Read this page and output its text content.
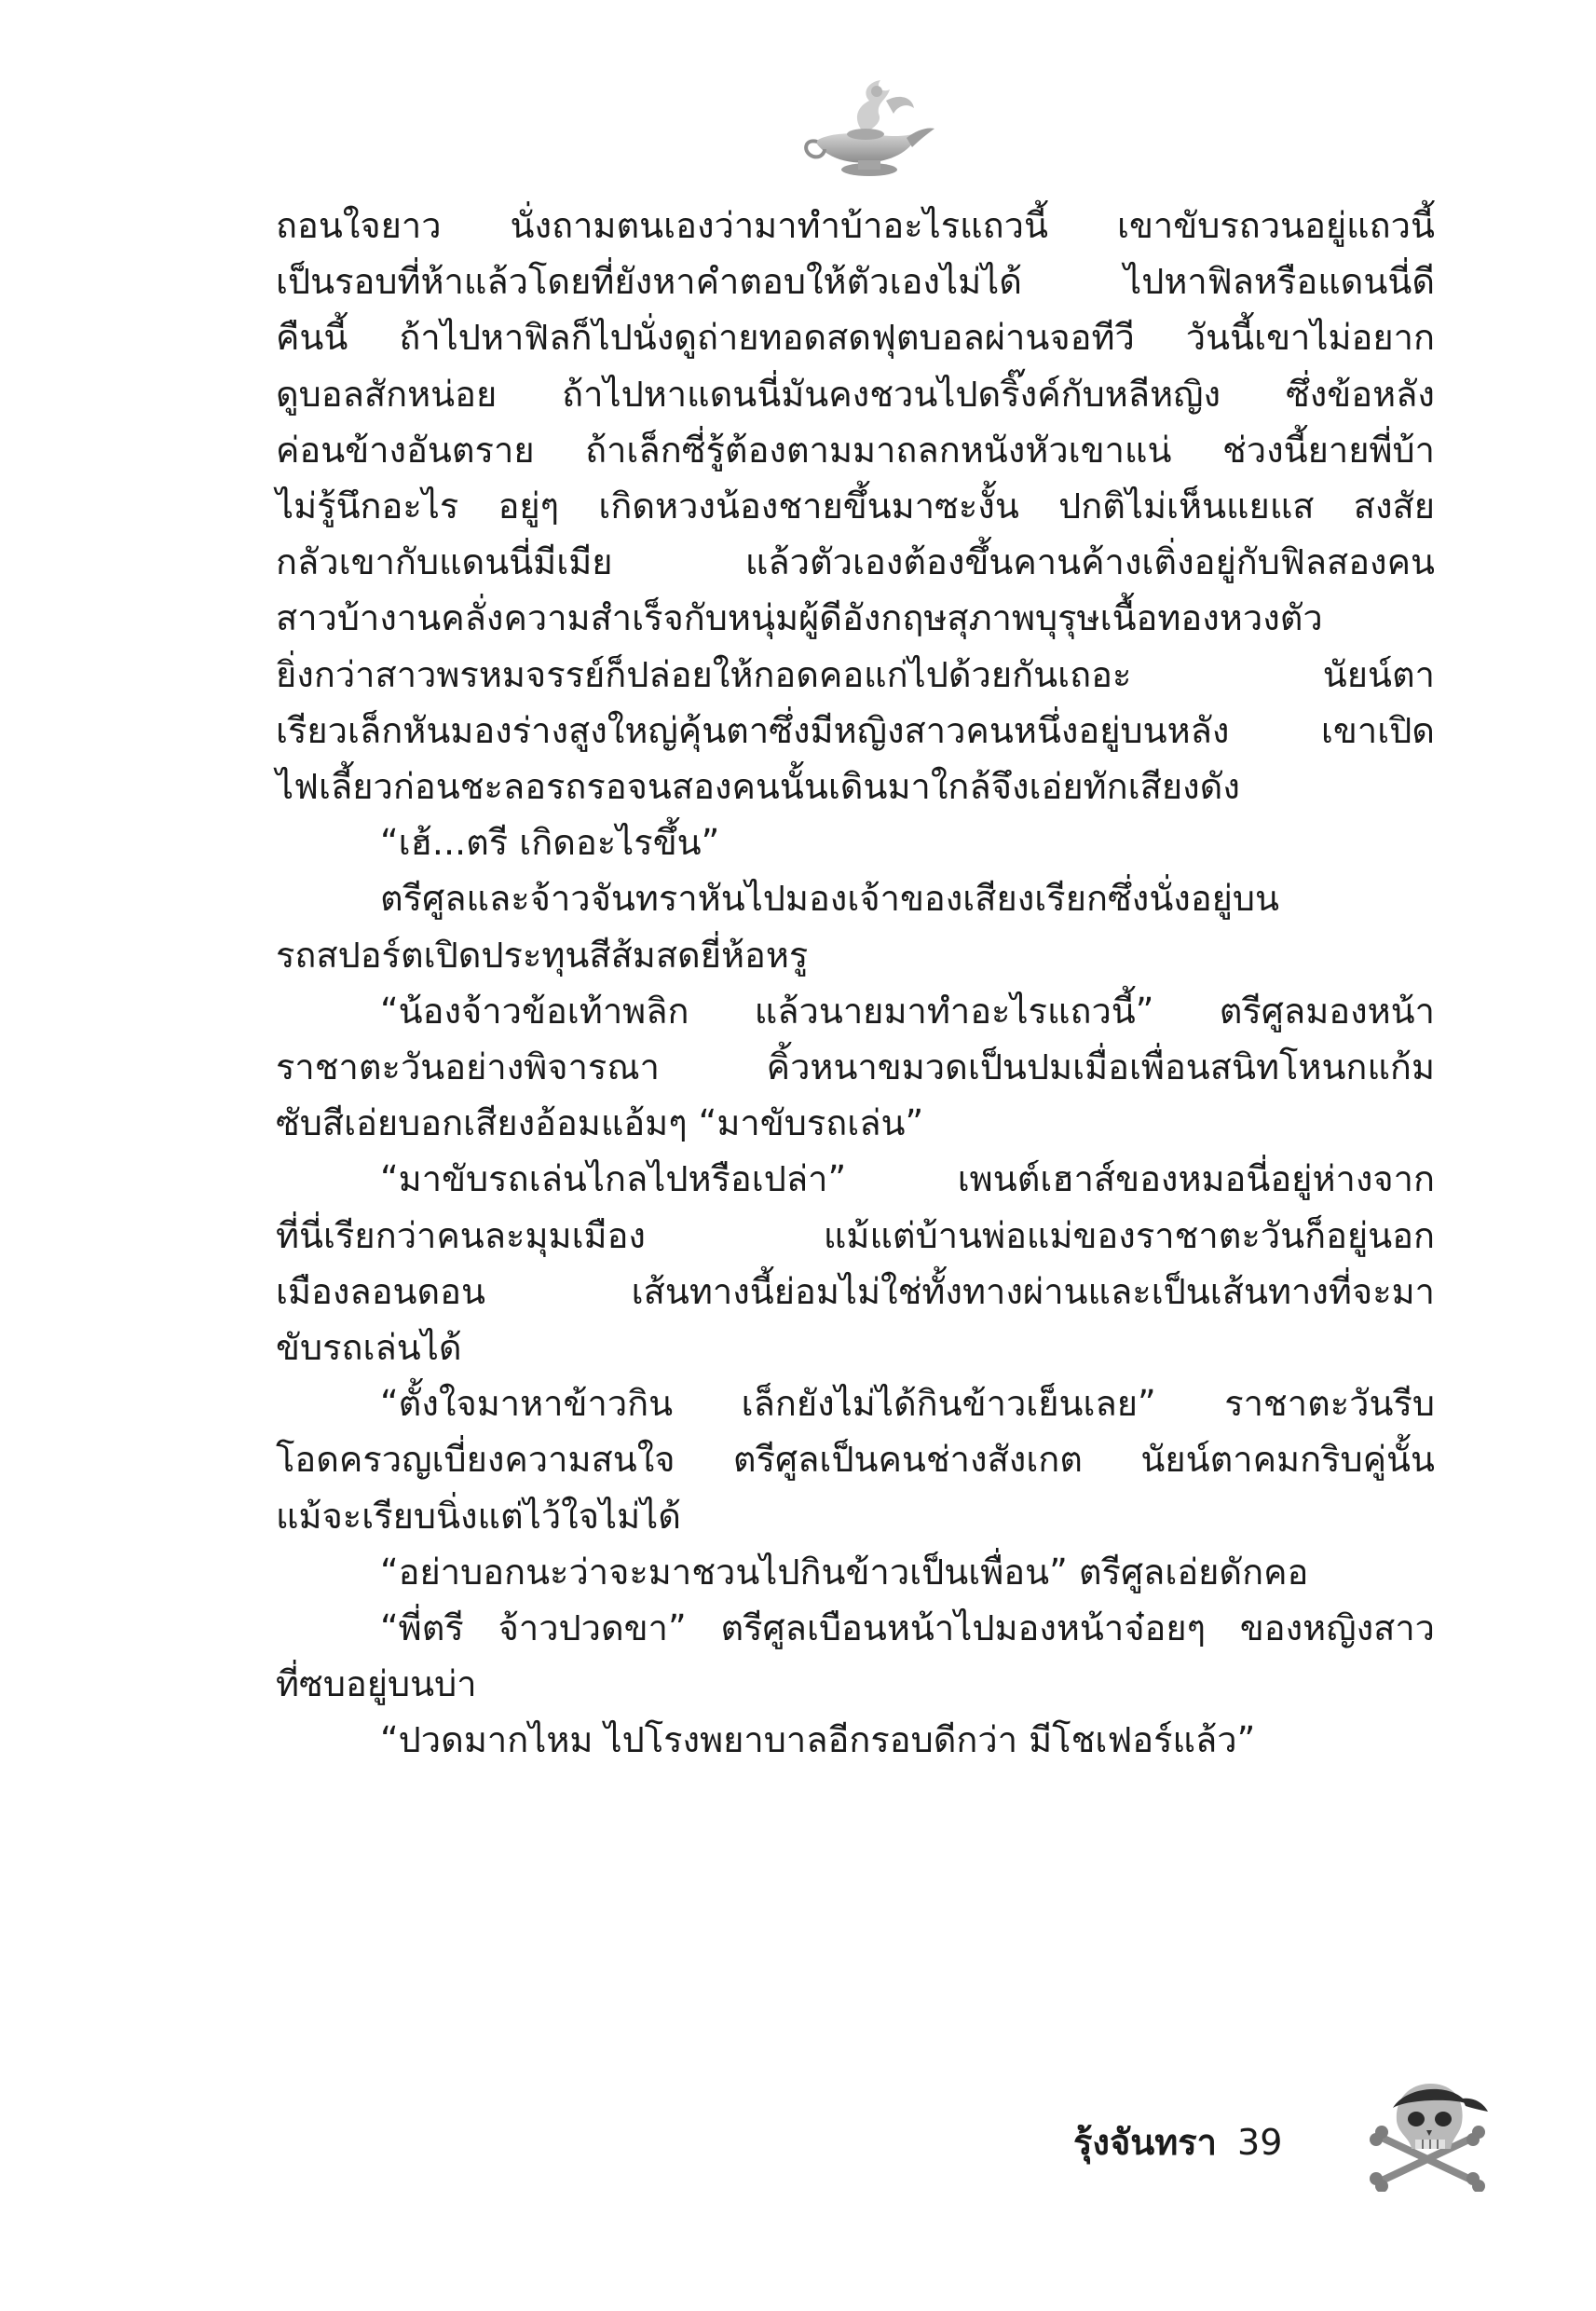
ถอนใจยาว นั่งถามตนเองว่ามาทำบ้าอะไรแถวนี้ เขาขับรถวนอยู่แถวนี้
เป็นรอบที่ห้าแล้วโดยที่ยังหาคำตอบให้ตัวเองไม่ได้ ไปหาฟิลหรือแดนนี่ดี
คืนนี้ ถ้าไปหาฟิลก็ไปนั่งดูถ่ายทอดสดฟุตบอลผ่านจอทีวี วันนี้เขาไม่อยาก
ดูบอลสักหน่อย ถ้าไปหาแดนนี่มันคงชวนไปดริ๊งค์กับหลีหญิง ซึ่งข้อหลัง
ค่อนข้างอันตราย ถ้าเล็กซี่รู้ต้องตามมาถลกหนังหัวเขาแน่ ช่วงนี้ยายพี่บ้า
ไม่รู้นึกอะไร อยู่ๆ เกิดหวงน้องชายขึ้นมาซะงั้น ปกติไม่เห็นแยแส สงสัย
กลัวเขากับแดนนี่มีเมีย แล้วตัวเองต้องขึ้นคานค้างเติ่งอยู่กับฟิลสองคน
สาวบ้างานคลั่งความสำเร็จกับหนุ่มผู้ดีอังกฤษสุภาพบุรุษเนื้อทองหวงตัว
ยิ่งกว่าสาวพรหมจรรย์ก็ปล่อยให้กอดคอแก่ไปด้วยกันเถอะ นัยน์ตา
เรียวเล็กหันมองร่างสูงใหญ่คุ้นตาซึ่งมีหญิงสาวคนหนึ่งอยู่บนหลัง เขาเปิด
ไฟเลี้ยวก่อนชะลอรถรอจนสองคนนั้นเดินมาใกล้จึงเอ่ยทักเสียงดัง
“เฮ้...ตรี เกิดอะไรขึ้น”
ตรีศูลและจ้าวจันทราหันไปมองเจ้าของเสียงเรียกซึ่งนั่งอยู่บน
รถสปอร์ตเปิดประทุนสีส้มสดยี่ห้อหรู
“น้องจ้าวข้อเท้าพลิก แล้วนายมาทำอะไรแถวนี้” ตรีศูลมองหน้า
ราชาตะวันอย่างพิจารณา คิ้วหนาขมวดเป็นปมเมื่อเพื่อนสนิทโหนกแก้ม
ซับสีเอ่ยบอกเสียงอ้อมแอ้มๆ “มาขับรถเล่น”
“มาขับรถเล่นไกลไปหรือเปล่า” เพนต์เฮาส์ของหมอนี่อยู่ห่างจาก
ที่นี่เรียกว่าคนละมุมเมือง แม้แต่บ้านพ่อแม่ของราชาตะวันก็อยู่นอก
เมืองลอนดอน เส้นทางนี้ย่อมไม่ใช่ทั้งทางผ่านและเป็นเส้นทางที่จะมา
ขับรถเล่นได้
“ตั้งใจมาหาข้าวกิน เล็กยังไม่ได้กินข้าวเย็นเลย” ราชาตะวันรีบ
โอดครวญเบี่ยงความสนใจ ตรีศูลเป็นคนช่างสังเกต นัยน์ตาคมกริบคู่นั้น
แม้จะเรียบนิ่งแต่ไว้ใจไม่ได้
“อย่าบอกนะว่าจะมาชวนไปกินข้าวเป็นเพื่อน” ตรีศูลเอ่ยดักคอ
“พี่ตรี จ้าวปวดขา” ตรีศูลเบือนหน้าไปมองหน้าจ๋อยๆ ของหญิงสาว
ที่ซบอยู่บนบ่า
“ปวดมากไหม ไปโรงพยาบาลอีกรอบดีกว่า มีโชเฟอร์แล้ว”
รุ้งจันทรา 39
